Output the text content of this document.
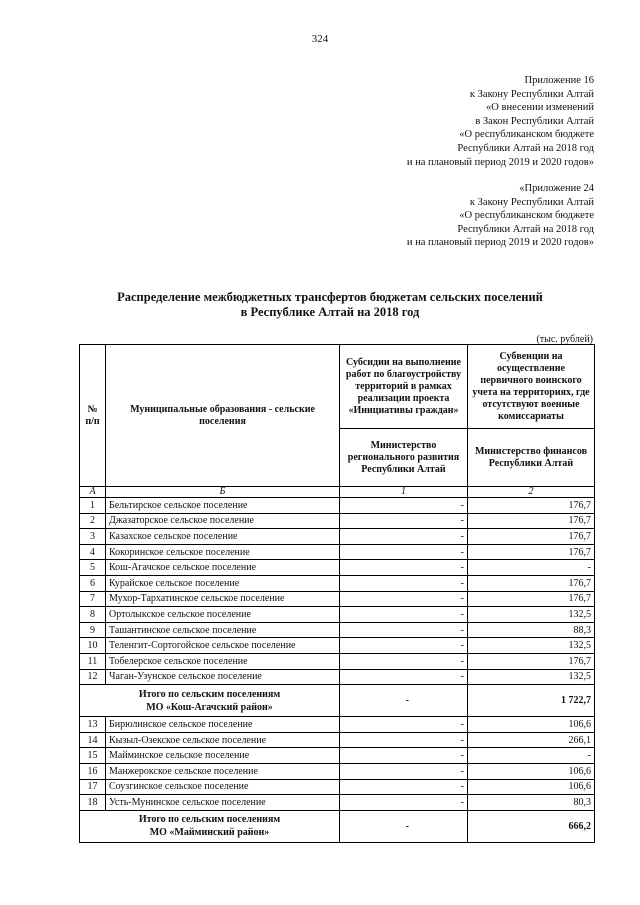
324
Приложение 16
к Закону Республики Алтай
«О внесении изменений
в Закон Республики Алтай
«О республиканском бюджете
Республики Алтай на 2018 год
и на плановый период 2019 и 2020 годов»
«Приложение 24
к Закону Республики Алтай
«О республиканском бюджете
Республики Алтай на 2018 год
и на плановый период 2019 и 2020 годов»
Распределение межбюджетных трансфертов бюджетам сельских поселений
в Республике Алтай на 2018 год
(тыс. рублей)
№ п/п	Муниципальные образования - сельские поселения	Субсидии на выполнение работ по благоустройству территорий в рамках реализации проекта «Инициативы граждан»	Субвенции на осуществление первичного воинского учета на территориях, где отсутствуют военные комиссариаты
		Министерство регионального развития Республики Алтай	Министерство финансов Республики Алтай
А	Б	1	2
1	Бельтирское сельское поселение	-	176,7
2	Джазаторское сельское поселение	-	176,7
3	Казахское сельское поселение	-	176,7
4	Кокоринское сельское поселение	-	176,7
5	Кош-Агачское сельское поселение	-	-
6	Курайское сельское поселение	-	176,7
7	Мухор-Тархатинское сельское поселение	-	176,7
8	Ортолыкское сельское поселение	-	132,5
9	Ташантинское сельское поселение	-	88,3
10	Теленгит-Сортогойское сельское поселение	-	132,5
11	Тобелерское сельское поселение	-	176,7
12	Чаган-Узунское сельское поселение	-	132,5

Итого по сельским поселениям
МО «Кош-Агачский район»		-	1 722,7
13	Бирюлинское сельское поселение	-	106,6
14	Кызыл-Озекское сельское поселение	-	266,1
15	Майминское сельское поселение	-	-
16	Манжерокское сельское поселение	-	106,6
17	Соузгинское сельское поселение	-	106,6
18	Усть-Мунинское сельское поселение	-	80,3

Итого по сельским поселениям
МО «Майминский район»		-	666,2
